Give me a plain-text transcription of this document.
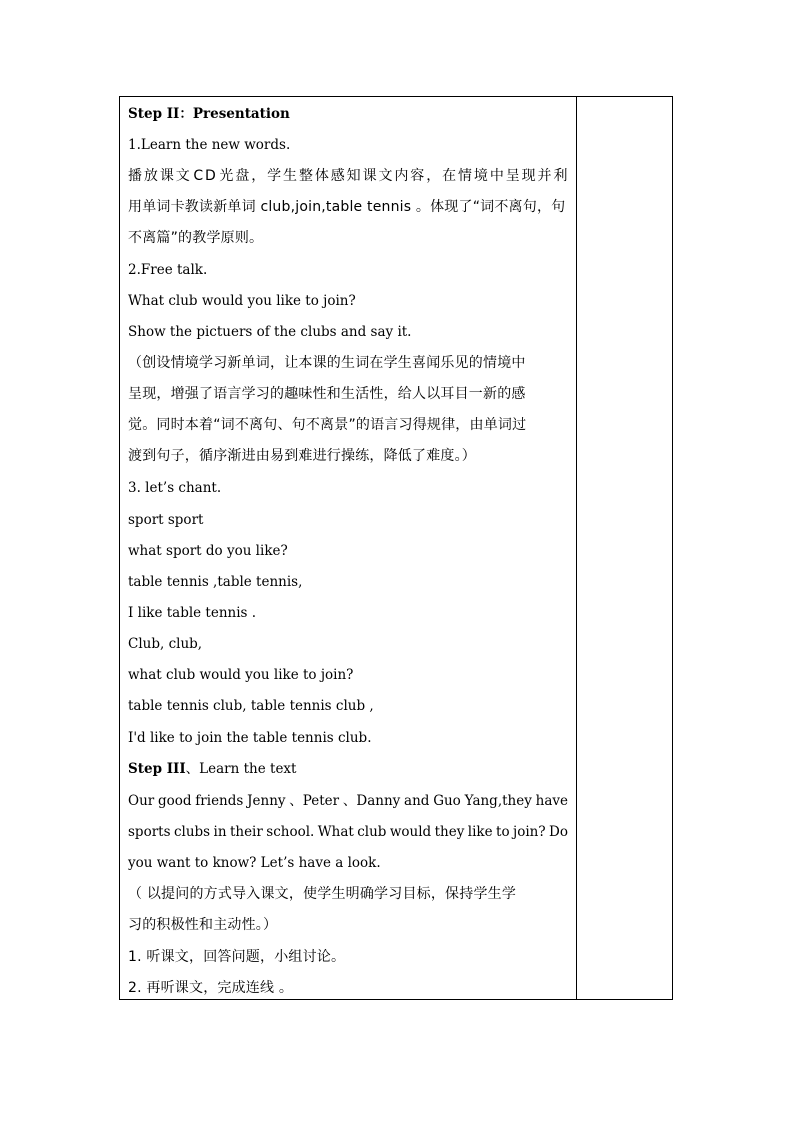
Step II：Presentation
1.Learn the new words.
播 放 课 文 C D 光 盘 ， 学 生 整 体 感 知 课 文 内 容 ， 在 情 境 中 呈 现 并 利
用单词卡教读新单词 club,join,table tennis 。体现了“词不离句，句
不离篇”的教学原则。
2.Free talk.
What club would you like to join?
Show the pictuers of the clubs and say it.
（创设情境学习新单词，让本课的生词在学生喜闻乐见的情境中
呈现，增强了语言学习的趣味性和生活性，给人以耳目一新的感
觉。同时本着“词不离句、句不离景”的语言习得规律，由单词过
渡到句子，循序渐进由易到难进行操练，降低了难度。）
3. let’s chant.
sport sport
what sport do you like?
table tennis ,table tennis,
I like table tennis .
Club, club,
what club would you like to join?
table tennis club, table tennis club ,
I'd like to join the table tennis club.
Step III、Learn the text
Our good friends Jenny 、Peter 、Danny and Guo Yang,they have
sports clubs in their school. What club would they like to join? Do
you want to know? Let’s have a look.
（ 以提问的方式导入课文，使学生明确学习目标，保持学生学
习的积极性和主动性。）
1. 听课文，回答问题，小组讨论。
2. 再听课文，完成连线 。
